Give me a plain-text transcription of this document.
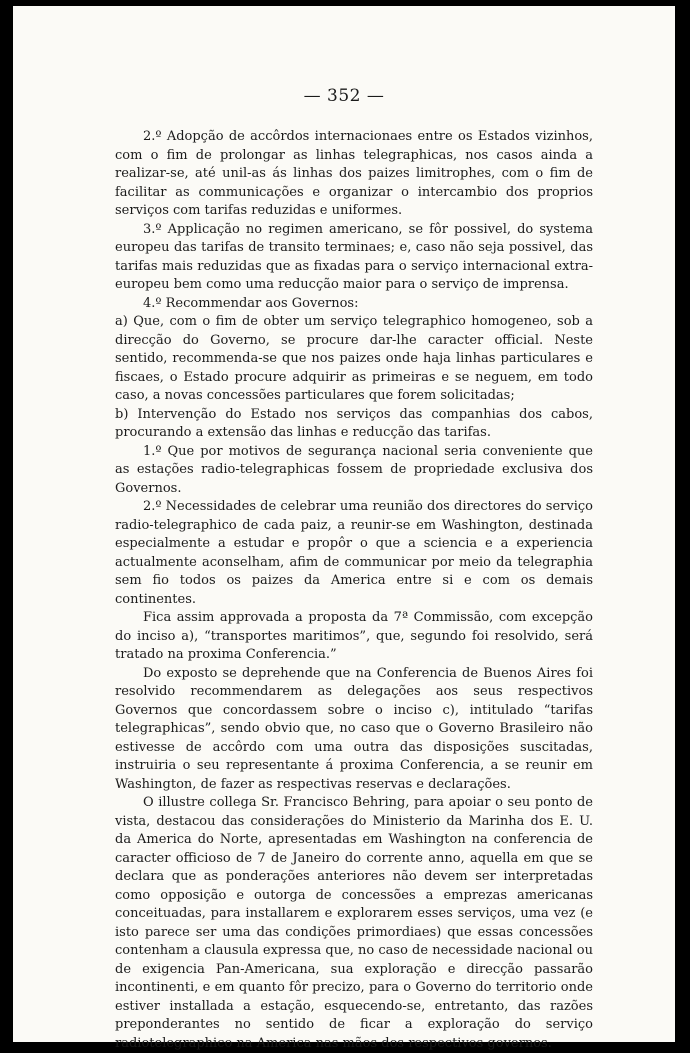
— 352 —

2.º Adopção de accôrdos internacionaes entre os Estados vizinhos, com o fim de prolongar as linhas telegraphicas, nos casos ainda a realizar-se, até unil-as ás linhas dos paizes limitrophes, com o fim de facilitar as communicações e organizar o intercambio dos proprios serviços com tarifas reduzidas e uniformes.

3.º Applicação no regimen americano, se fôr possivel, do systema europeu das tarifas de transito terminaes; e, caso não seja possivel, das tarifas mais reduzidas que as fixadas para o serviço internacional extra-europeu bem como uma reducção maior para o serviço de imprensa.

4.º Recommendar aos Governos:

a) Que, com o fim de obter um serviço telegraphico homogeneo, sob a direcção do Governo, se procure dar-lhe caracter official. Neste sentido, recommenda-se que nos paizes onde haja linhas particulares e fiscaes, o Estado procure adquirir as primeiras e se neguem, em todo caso, a novas concessões particulares que forem solicitadas;

b) Intervenção do Estado nos serviços das companhias dos cabos, procurando a extensão das linhas e reducção das tarifas.

1.º Que por motivos de segurança nacional seria conveniente que as estações radio-telegraphicas fossem de propriedade exclusiva dos Governos.

2.º Necessidades de celebrar uma reunião dos directores do serviço radio-telegraphico de cada paiz, a reunir-se em Washington, destinada especialmente a estudar e propôr o que a sciencia e a experiencia actualmente aconselham, afim de communicar por meio da telegraphia sem fio todos os paizes da America entre si e com os demais continentes.

Fica assim approvada a proposta da 7ª Commissão, com excepção do inciso a), “transportes maritimos”, que, segundo foi resolvido, será tratado na proxima Conferencia.”

Do exposto se deprehende que na Conferencia de Buenos Aires foi resolvido recommendarem as delegações aos seus respectivos Governos que concordassem sobre o inciso c), intitulado “tarifas telegraphicas”, sendo obvio que, no caso que o Governo Brasileiro não estivesse de accôrdo com uma outra das disposições suscitadas, instruiria o seu representante á proxima Conferencia, a se reunir em Washington, de fazer as respectivas reservas e declarações.

O illustre collega Sr. Francisco Behring, para apoiar o seu ponto de vista, destacou das considerações do Ministerio da Marinha dos E. U. da America do Norte, apresentadas em Washington na conferencia de caracter officioso de 7 de Janeiro do corrente anno, aquella em que se declara que as ponderações anteriores não devem ser interpretadas como opposição e outorga de concessões a emprezas americanas conceituadas, para installarem e explorarem esses serviços, uma vez (e isto parece ser uma das condições primordiaes) que essas concessões contenham a clausula expressa que, no caso de necessidade nacional ou de exigencia Pan-Americana, sua exploração e direcção passarão incontinenti, e em quanto fôr precizo, para o Governo do territorio onde estiver installada a estação, esquecendo-se, entretanto, das razões preponderantes no sentido de ficar a exploração do serviço radiotelegraphico na America nas mãos dos respectivos governos.
